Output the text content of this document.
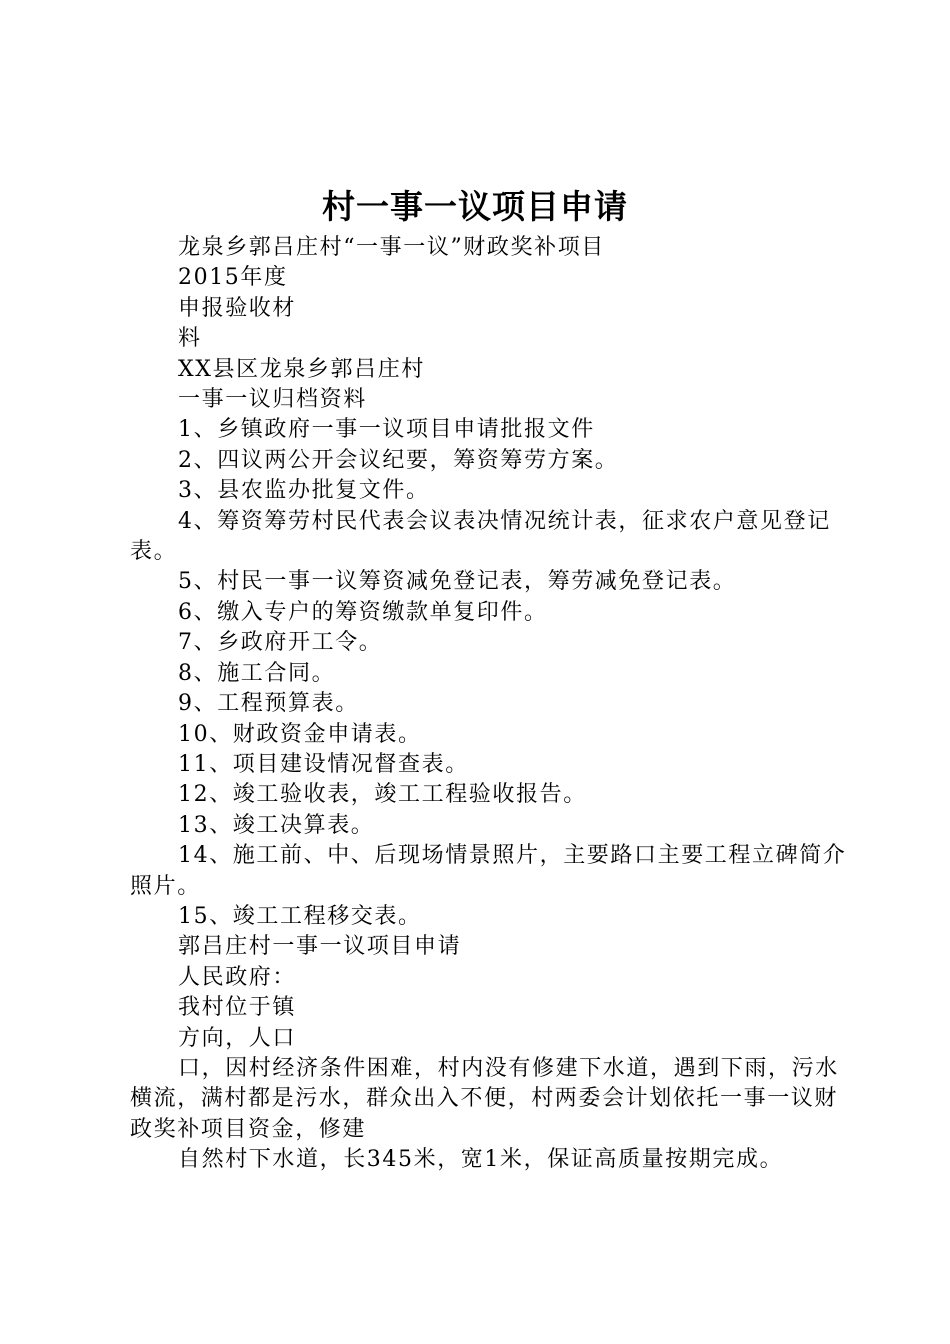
村一事一议项目申请

龙泉乡郭吕庄村“一事一议”财政奖补项目

2015年度

申报验收材

料

XX县区龙泉乡郭吕庄村

一事一议归档资料

1、乡镇政府一事一议项目申请批报文件

2、四议两公开会议纪要，筹资筹劳方案。

3、县农监办批复文件。

4、筹资筹劳村民代表会议表决情况统计表，征求农户意见登记表。

5、村民一事一议筹资减免登记表，筹劳减免登记表。

6、缴入专户的筹资缴款单复印件。

7、乡政府开工令。

8、施工合同。

9、工程预算表。

10、财政资金申请表。

11、项目建设情况督查表。

12、竣工验收表，竣工工程验收报告。

13、竣工决算表。

14、施工前、中、后现场情景照片，主要路口主要工程立碑简介照片。

15、竣工工程移交表。

郭吕庄村一事一议项目申请

人民政府：

我村位于镇

方向，人口

口，因村经济条件困难，村内没有修建下水道，遇到下雨，污水横流，满村都是污水，群众出入不便，村两委会计划依托一事一议财政奖补项目资金，修建

自然村下水道，长345米，宽1米，保证高质量按期完成。
